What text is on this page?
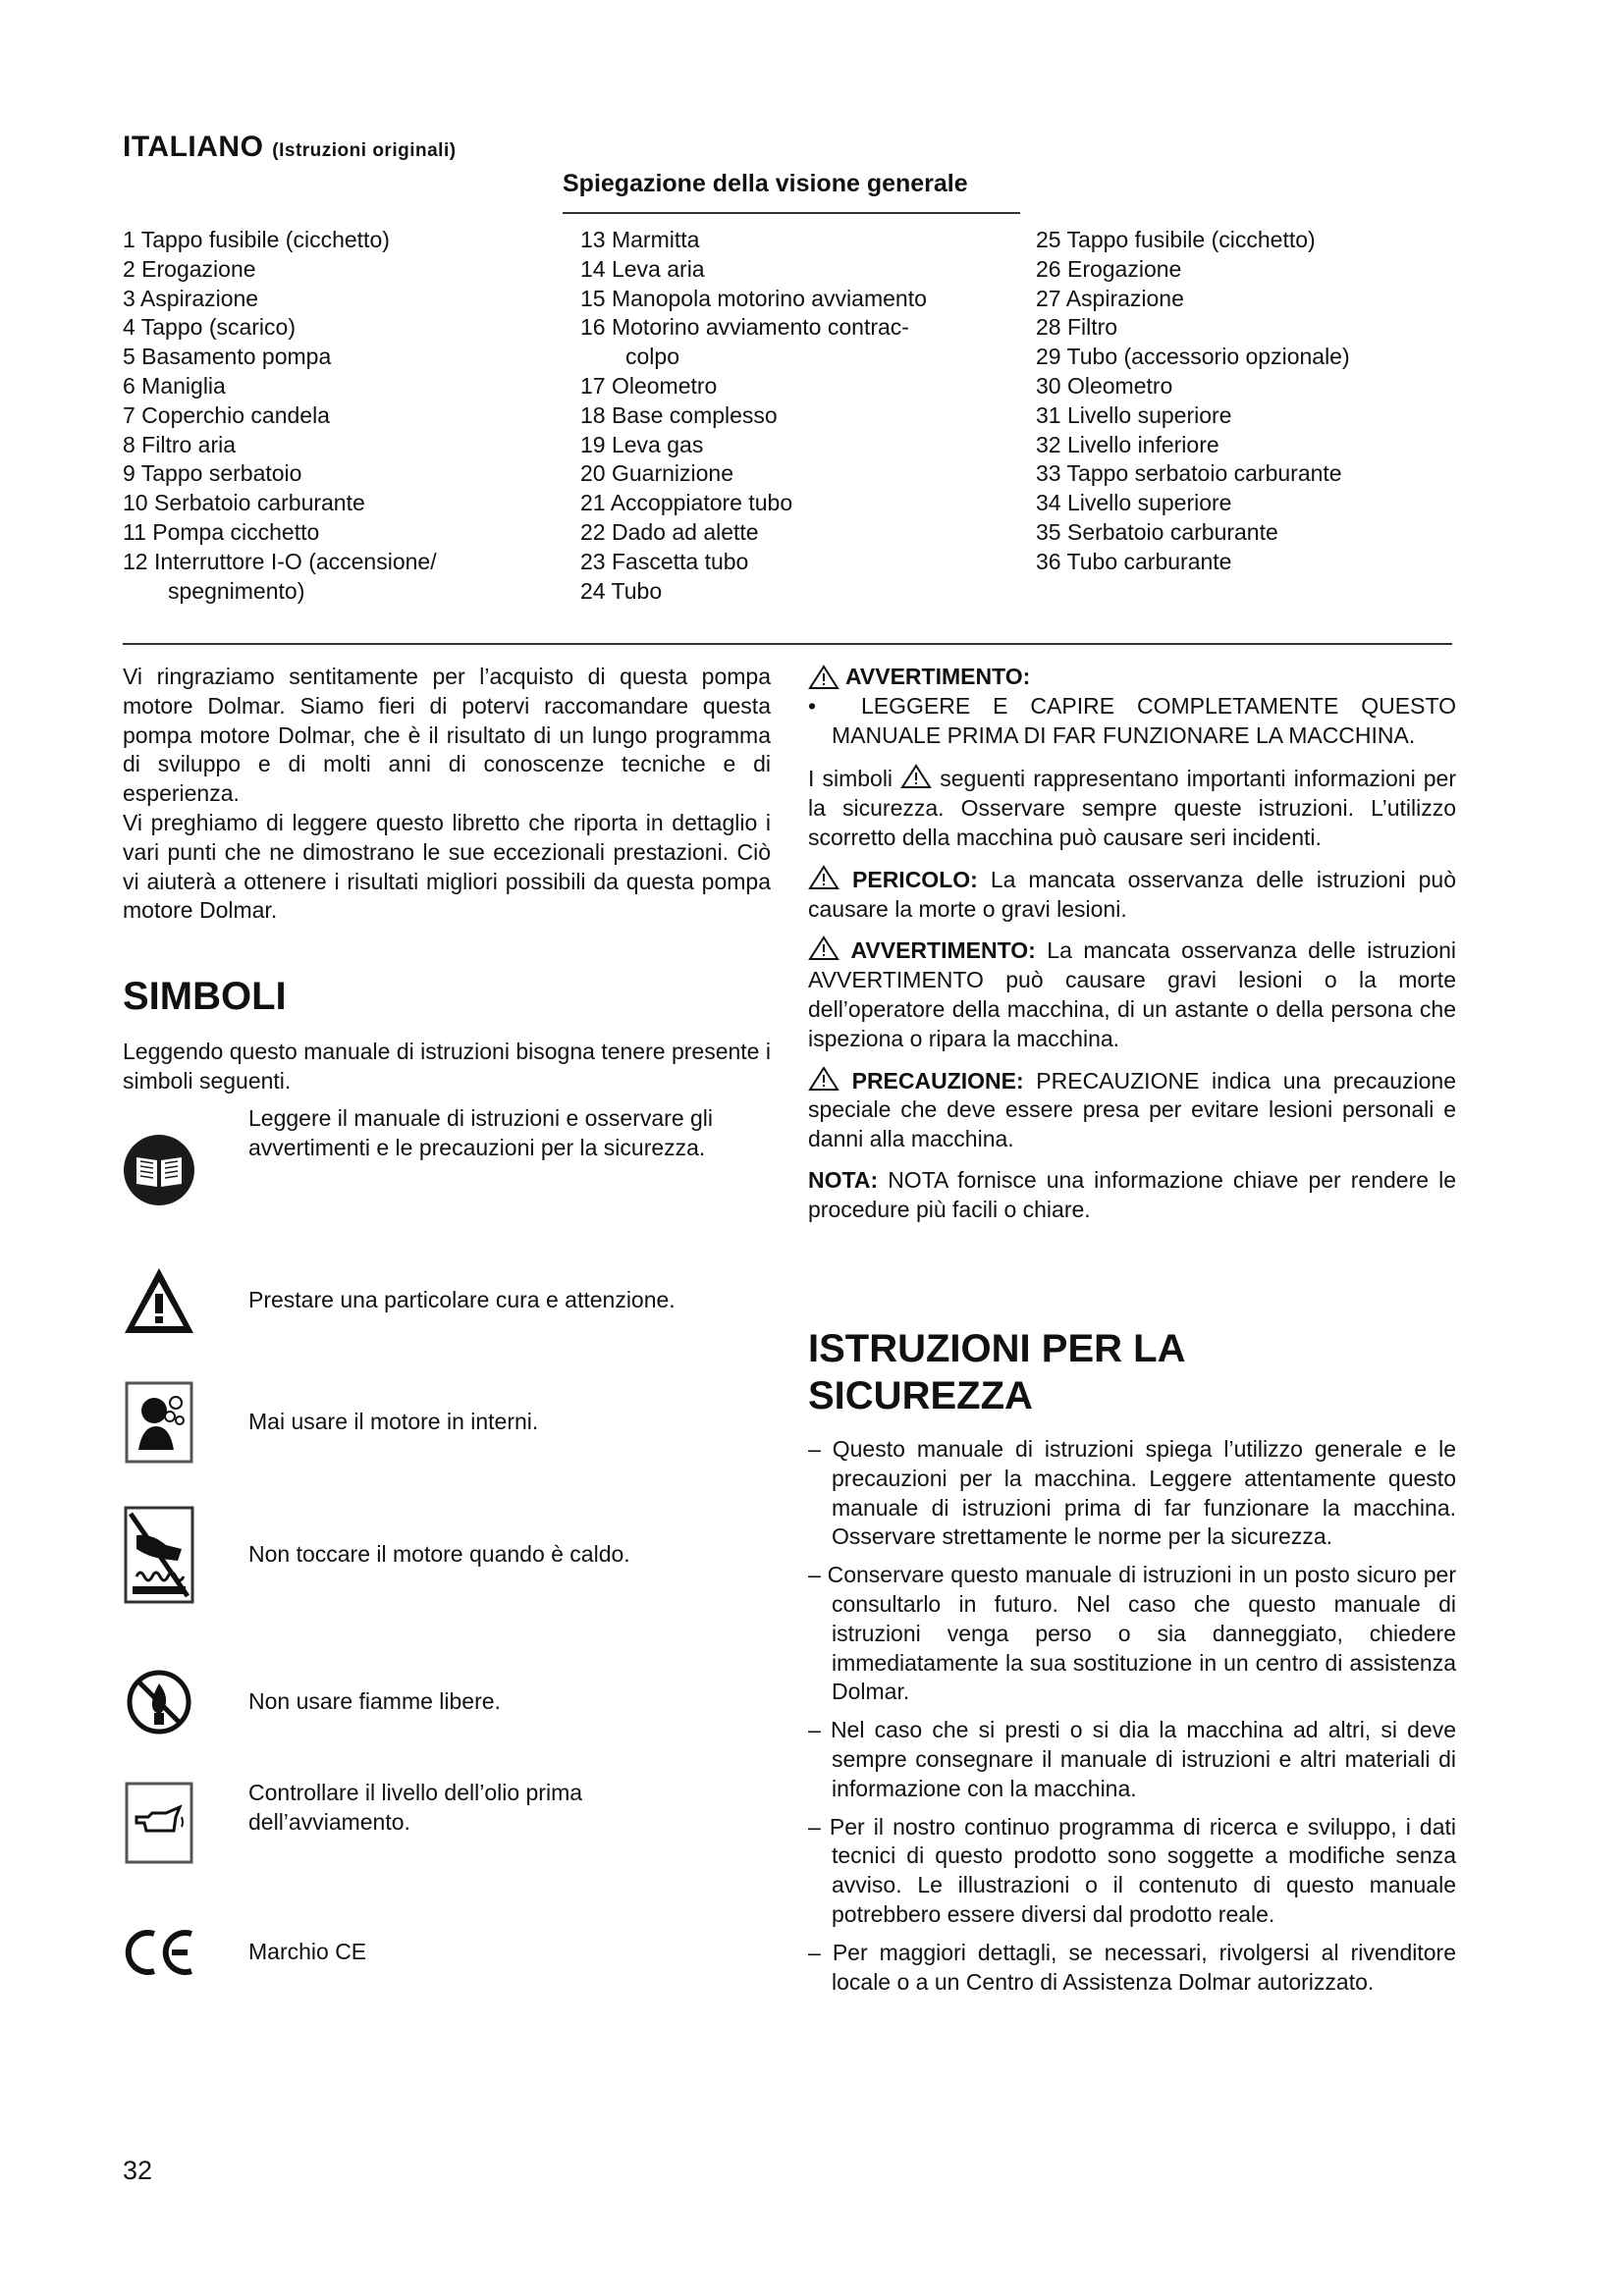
ITALIANO (Istruzioni originali)
Spiegazione della visione generale
1 Tappo fusibile (cicchetto)
2 Erogazione
3 Aspirazione
4 Tappo (scarico)
5 Basamento pompa
6 Maniglia
7 Coperchio candela
8 Filtro aria
9 Tappo serbatoio
10 Serbatoio carburante
11 Pompa cicchetto
12 Interruttore I-O (accensione/
spegnimento)
13 Marmitta
14 Leva aria
15 Manopola motorino avviamento
16 Motorino avviamento contrac-
colpo
17 Oleometro
18 Base complesso
19 Leva gas
20 Guarnizione
21 Accoppiatore tubo
22 Dado ad alette
23 Fascetta tubo
24 Tubo
25 Tappo fusibile (cicchetto)
26 Erogazione
27 Aspirazione
28 Filtro
29 Tubo (accessorio opzionale)
30 Oleometro
31 Livello superiore
32 Livello inferiore
33 Tappo serbatoio carburante
34 Livello superiore
35 Serbatoio carburante
36 Tubo carburante
Vi ringraziamo sentitamente per l’acquisto di questa pompa motore Dolmar. Siamo fieri di potervi raccomandare questa pompa motore Dolmar, che è il risultato di un lungo programma di sviluppo e di molti anni di conoscenze tecniche e di esperienza.
Vi preghiamo di leggere questo libretto che riporta in dettaglio i vari punti che ne dimostrano le sue eccezionali prestazioni. Ciò vi aiuterà a ottenere i risultati migliori possibili da questa pompa motore Dolmar.
SIMBOLI
Leggendo questo manuale di istruzioni bisogna tenere presente i simboli seguenti.
Leggere il manuale di istruzioni e osservare gli avvertimenti e le precauzioni per la sicurezza.
Prestare una particolare cura e attenzione.
Mai usare il motore in interni.
Non toccare il motore quando è caldo.
Non usare fiamme libere.
Controllare il livello dell’olio prima dell’avviamento.
Marchio CE
AVVERTIMENTO:
•  LEGGERE E CAPIRE COMPLETAMENTE QUESTO MANUALE PRIMA DI FAR FUNZIONARE LA MACCHINA.
I simboli seguenti rappresentano importanti informazioni per la sicurezza. Osservare sempre queste istruzioni. L’utilizzo scorretto della macchina può causare seri incidenti.
PERICOLO: La mancata osservanza delle istruzioni può causare la morte o gravi lesioni.
AVVERTIMENTO: La mancata osservanza delle istruzioni AVVERTIMENTO può causare gravi lesioni o la morte dell’operatore della macchina, di un astante o della persona che ispeziona o ripara la macchina.
PRECAUZIONE: PRECAUZIONE indica una precauzione speciale che deve essere presa per evitare lesioni personali e danni alla macchina.
NOTA: NOTA fornisce una informazione chiave per rendere le procedure più facili o chiare.
ISTRUZIONI PER LA
SICUREZZA
– Questo manuale di istruzioni spiega l’utilizzo generale e le precauzioni per la macchina. Leggere attentamente questo manuale di istruzioni prima di far funzionare la macchina. Osservare strettamente le norme per la sicurezza.
– Conservare questo manuale di istruzioni in un posto sicuro per consultarlo in futuro. Nel caso che questo manuale di istruzioni venga perso o sia danneggiato, chiedere immediatamente la sua sostituzione in un centro di assistenza Dolmar.
– Nel caso che si presti o si dia la macchina ad altri, si deve sempre consegnare il manuale di istruzioni e altri materiali di informazione con la macchina.
– Per il nostro continuo programma di ricerca e sviluppo, i dati tecnici di questo prodotto sono soggette a modifiche senza avviso. Le illustrazioni o il contenuto di questo manuale potrebbero essere diversi dal prodotto reale.
– Per maggiori dettagli, se necessari, rivolgersi al rivenditore locale o a un Centro di Assistenza Dolmar autorizzato.
32
